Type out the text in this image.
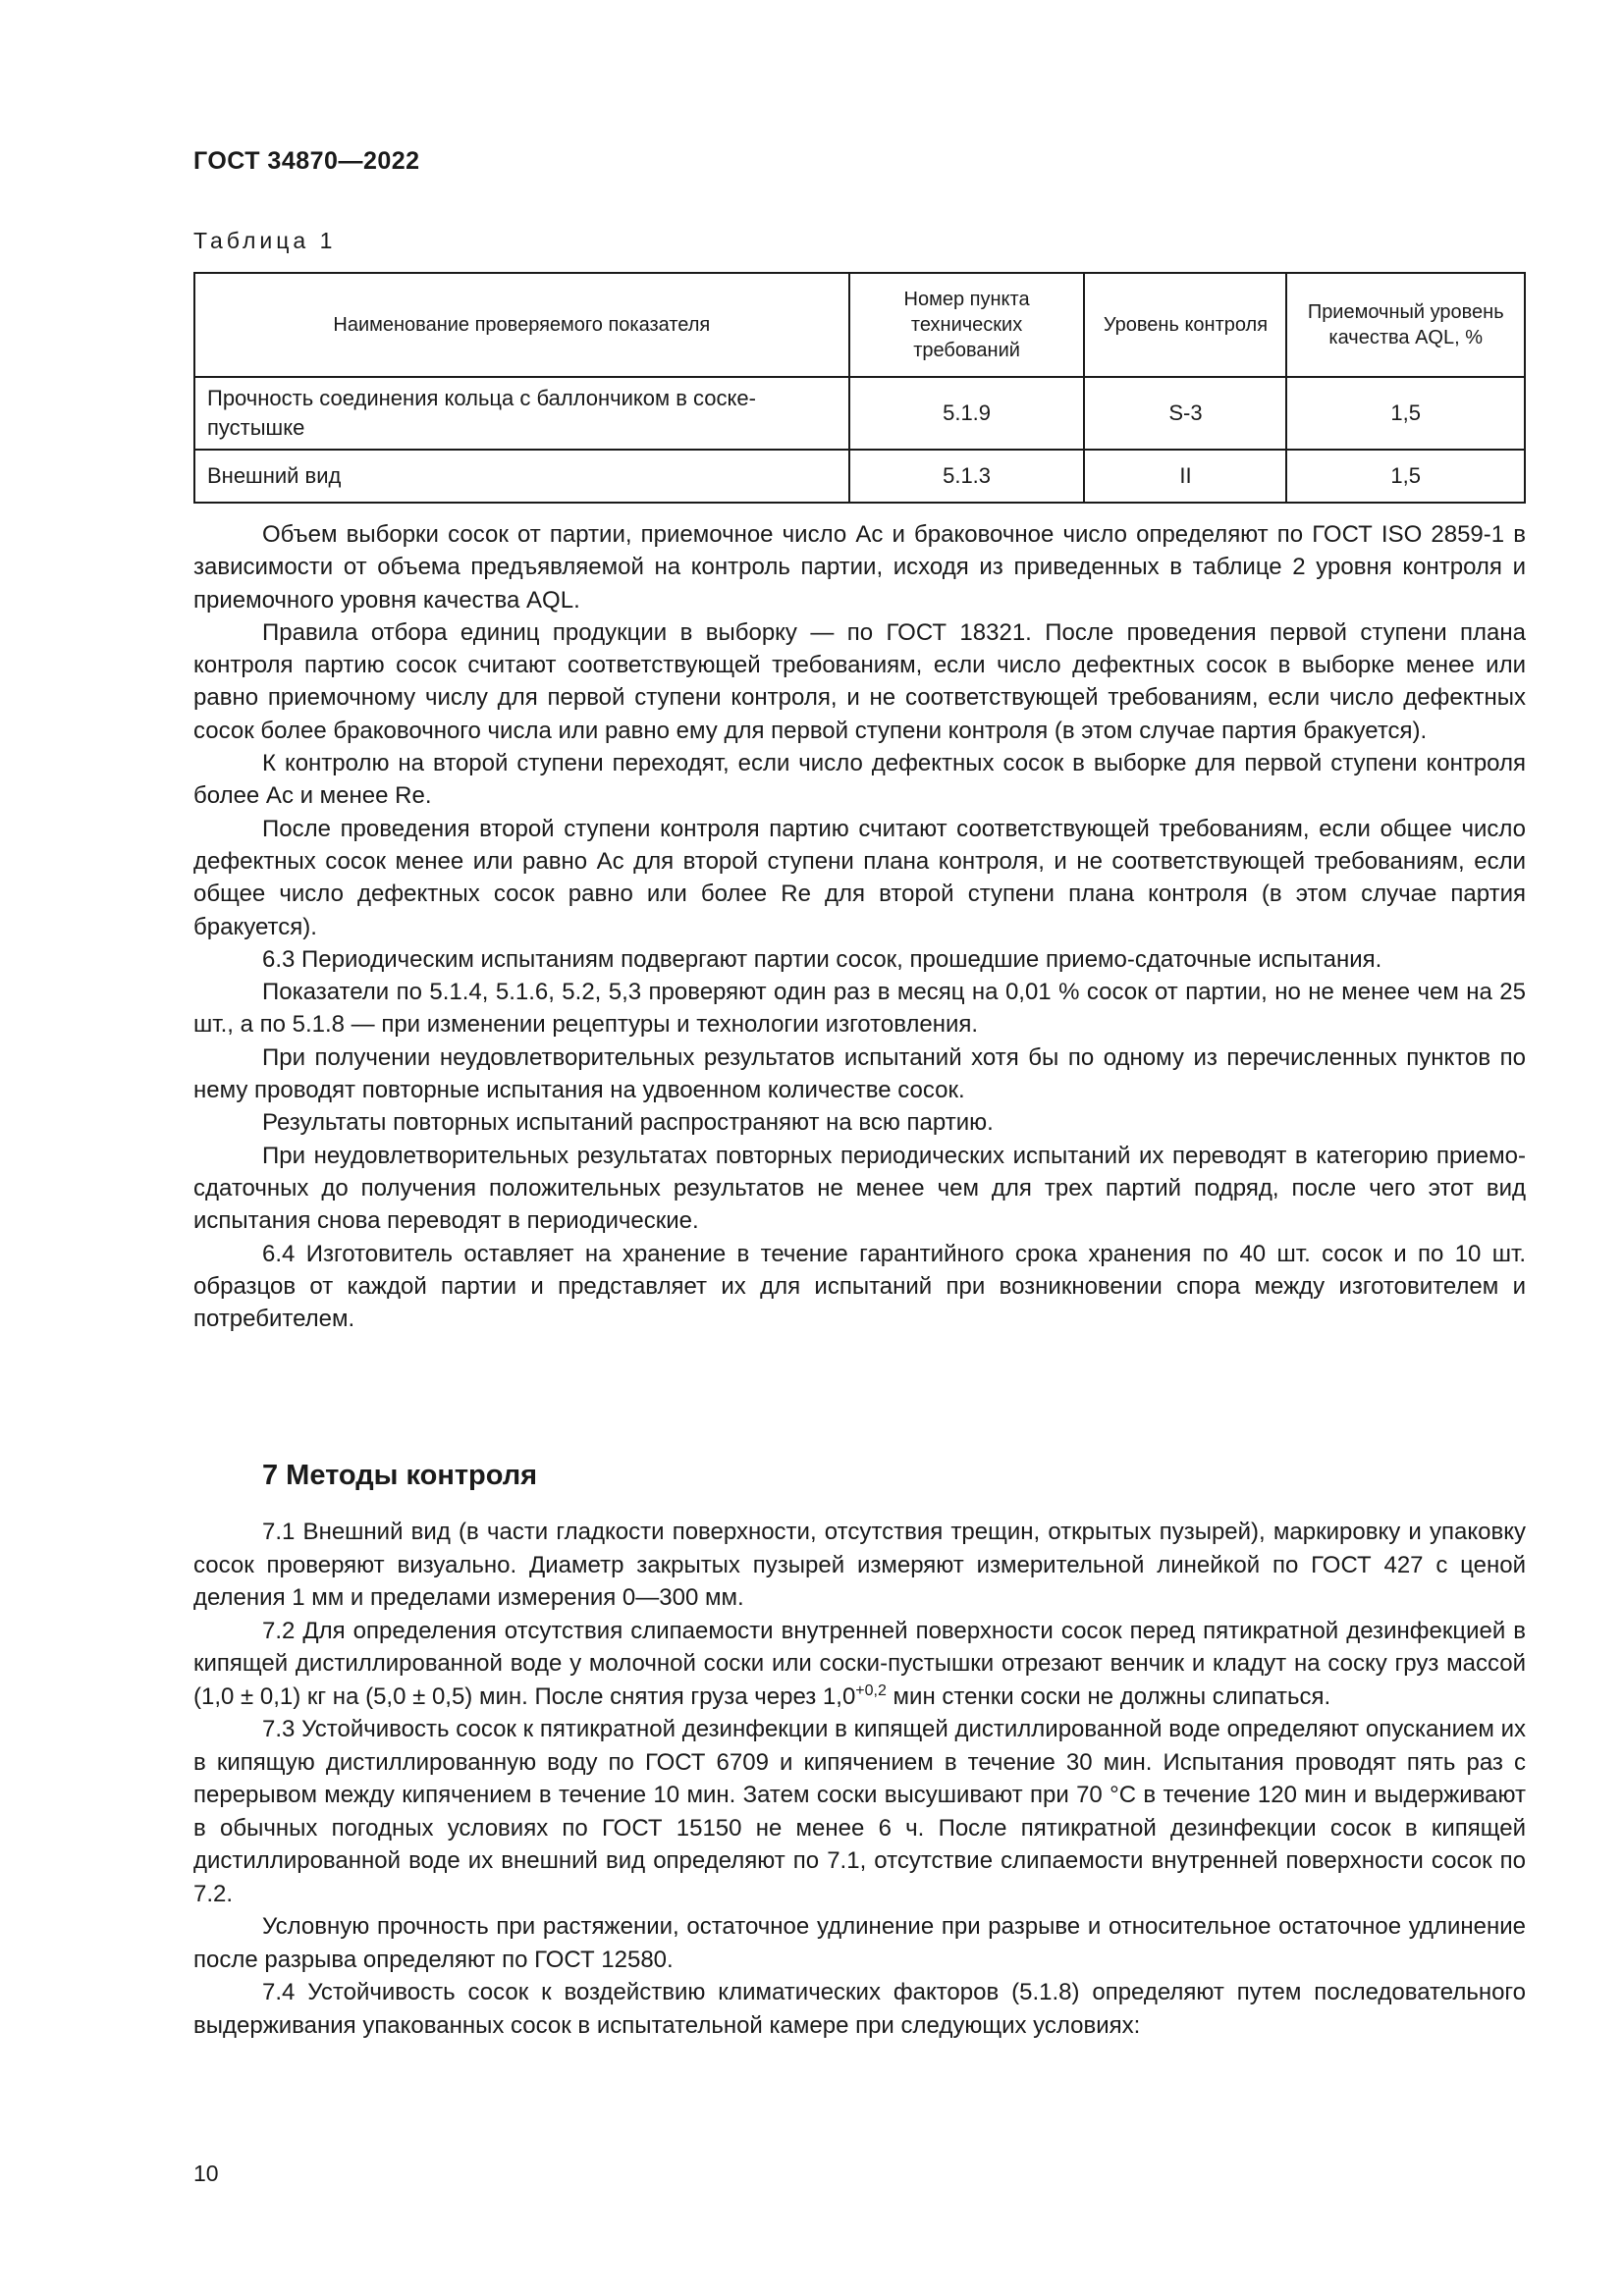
ГОСТ 34870—2022
Таблица 1
Наименование проверяемого показателя	Номер пункта технических требований	Уровень контроля	Приемочный уровень качества AQL, %
Прочность соединения кольца с баллончиком в соске-пустышке	5.1.9	S-3	1,5
Внешний вид	5.1.3	II	1,5

Объем выборки сосок от партии, приемочное число Ас и браковочное число определяют по ГОСТ ISO 2859-1 в зависимости от объема предъявляемой на контроль партии, исходя из приведенных в таблице 2 уровня контроля и приемочного уровня качества AQL.

Правила отбора единиц продукции в выборку — по ГОСТ 18321. После проведения первой ступени плана контроля партию сосок считают соответствующей требованиям, если число дефектных сосок в выборке менее или равно приемочному числу для первой ступени контроля, и не соответствующей требованиям, если число дефектных сосок более браковочного числа или равно ему для первой ступени контроля (в этом случае партия бракуется).

К контролю на второй ступени переходят, если число дефектных сосок в выборке для первой ступени контроля более Ас и менее Re.

После проведения второй ступени контроля партию считают соответствующей требованиям, если общее число дефектных сосок менее или равно Ас для второй ступени плана контроля, и не соответствующей требованиям, если общее число дефектных сосок равно или более Re для второй ступени плана контроля (в этом случае партия бракуется).

6.3 Периодическим испытаниям подвергают партии сосок, прошедшие приемо-сдаточные испытания.

Показатели по 5.1.4, 5.1.6, 5.2, 5,3 проверяют один раз в месяц на 0,01 % сосок от партии, но не менее чем на 25 шт., а по 5.1.8 — при изменении рецептуры и технологии изготовления.

При получении неудовлетворительных результатов испытаний хотя бы по одному из перечисленных пунктов по нему проводят повторные испытания на удвоенном количестве сосок.

Результаты повторных испытаний распространяют на всю партию.

При неудовлетворительных результатах повторных периодических испытаний их переводят в категорию приемо-сдаточных до получения положительных результатов не менее чем для трех партий подряд, после чего этот вид испытания снова переводят в периодические.

6.4 Изготовитель оставляет на хранение в течение гарантийного срока хранения по 40 шт. сосок и по 10 шт. образцов от каждой партии и представляет их для испытаний при возникновении спора между изготовителем и потребителем.

7 Методы контроля

7.1 Внешний вид (в части гладкости поверхности, отсутствия трещин, открытых пузырей), маркировку и упаковку сосок проверяют визуально. Диаметр закрытых пузырей измеряют измерительной линейкой по ГОСТ 427 с ценой деления 1 мм и пределами измерения 0—300 мм.

7.2 Для определения отсутствия слипаемости внутренней поверхности сосок перед пятикратной дезинфекцией в кипящей дистиллированной воде у молочной соски или соски-пустышки отрезают венчик и кладут на соску груз массой (1,0 ± 0,1) кг на (5,0 ± 0,5) мин. После снятия груза через $1,0^{+0,2}$ мин стенки соски не должны слипаться.

7.3 Устойчивость сосок к пятикратной дезинфекции в кипящей дистиллированной воде определяют опусканием их в кипящую дистиллированную воду по ГОСТ 6709 и кипячением в течение 30 мин. Испытания проводят пять раз с перерывом между кипячением в течение 10 мин. Затем соски высушивают при 70 °С в течение 120 мин и выдерживают в обычных погодных условиях по ГОСТ 15150 не менее 6 ч. После пятикратной дезинфекции сосок в кипящей дистиллированной воде их внешний вид определяют по 7.1, отсутствие слипаемости внутренней поверхности сосок по 7.2.

Условную прочность при растяжении, остаточное удлинение при разрыве и относительное остаточное удлинение после разрыва определяют по ГОСТ 12580.

7.4 Устойчивость сосок к воздействию климатических факторов (5.1.8) определяют путем последовательного выдерживания упакованных сосок в испытательной камере при следующих условиях:

10
